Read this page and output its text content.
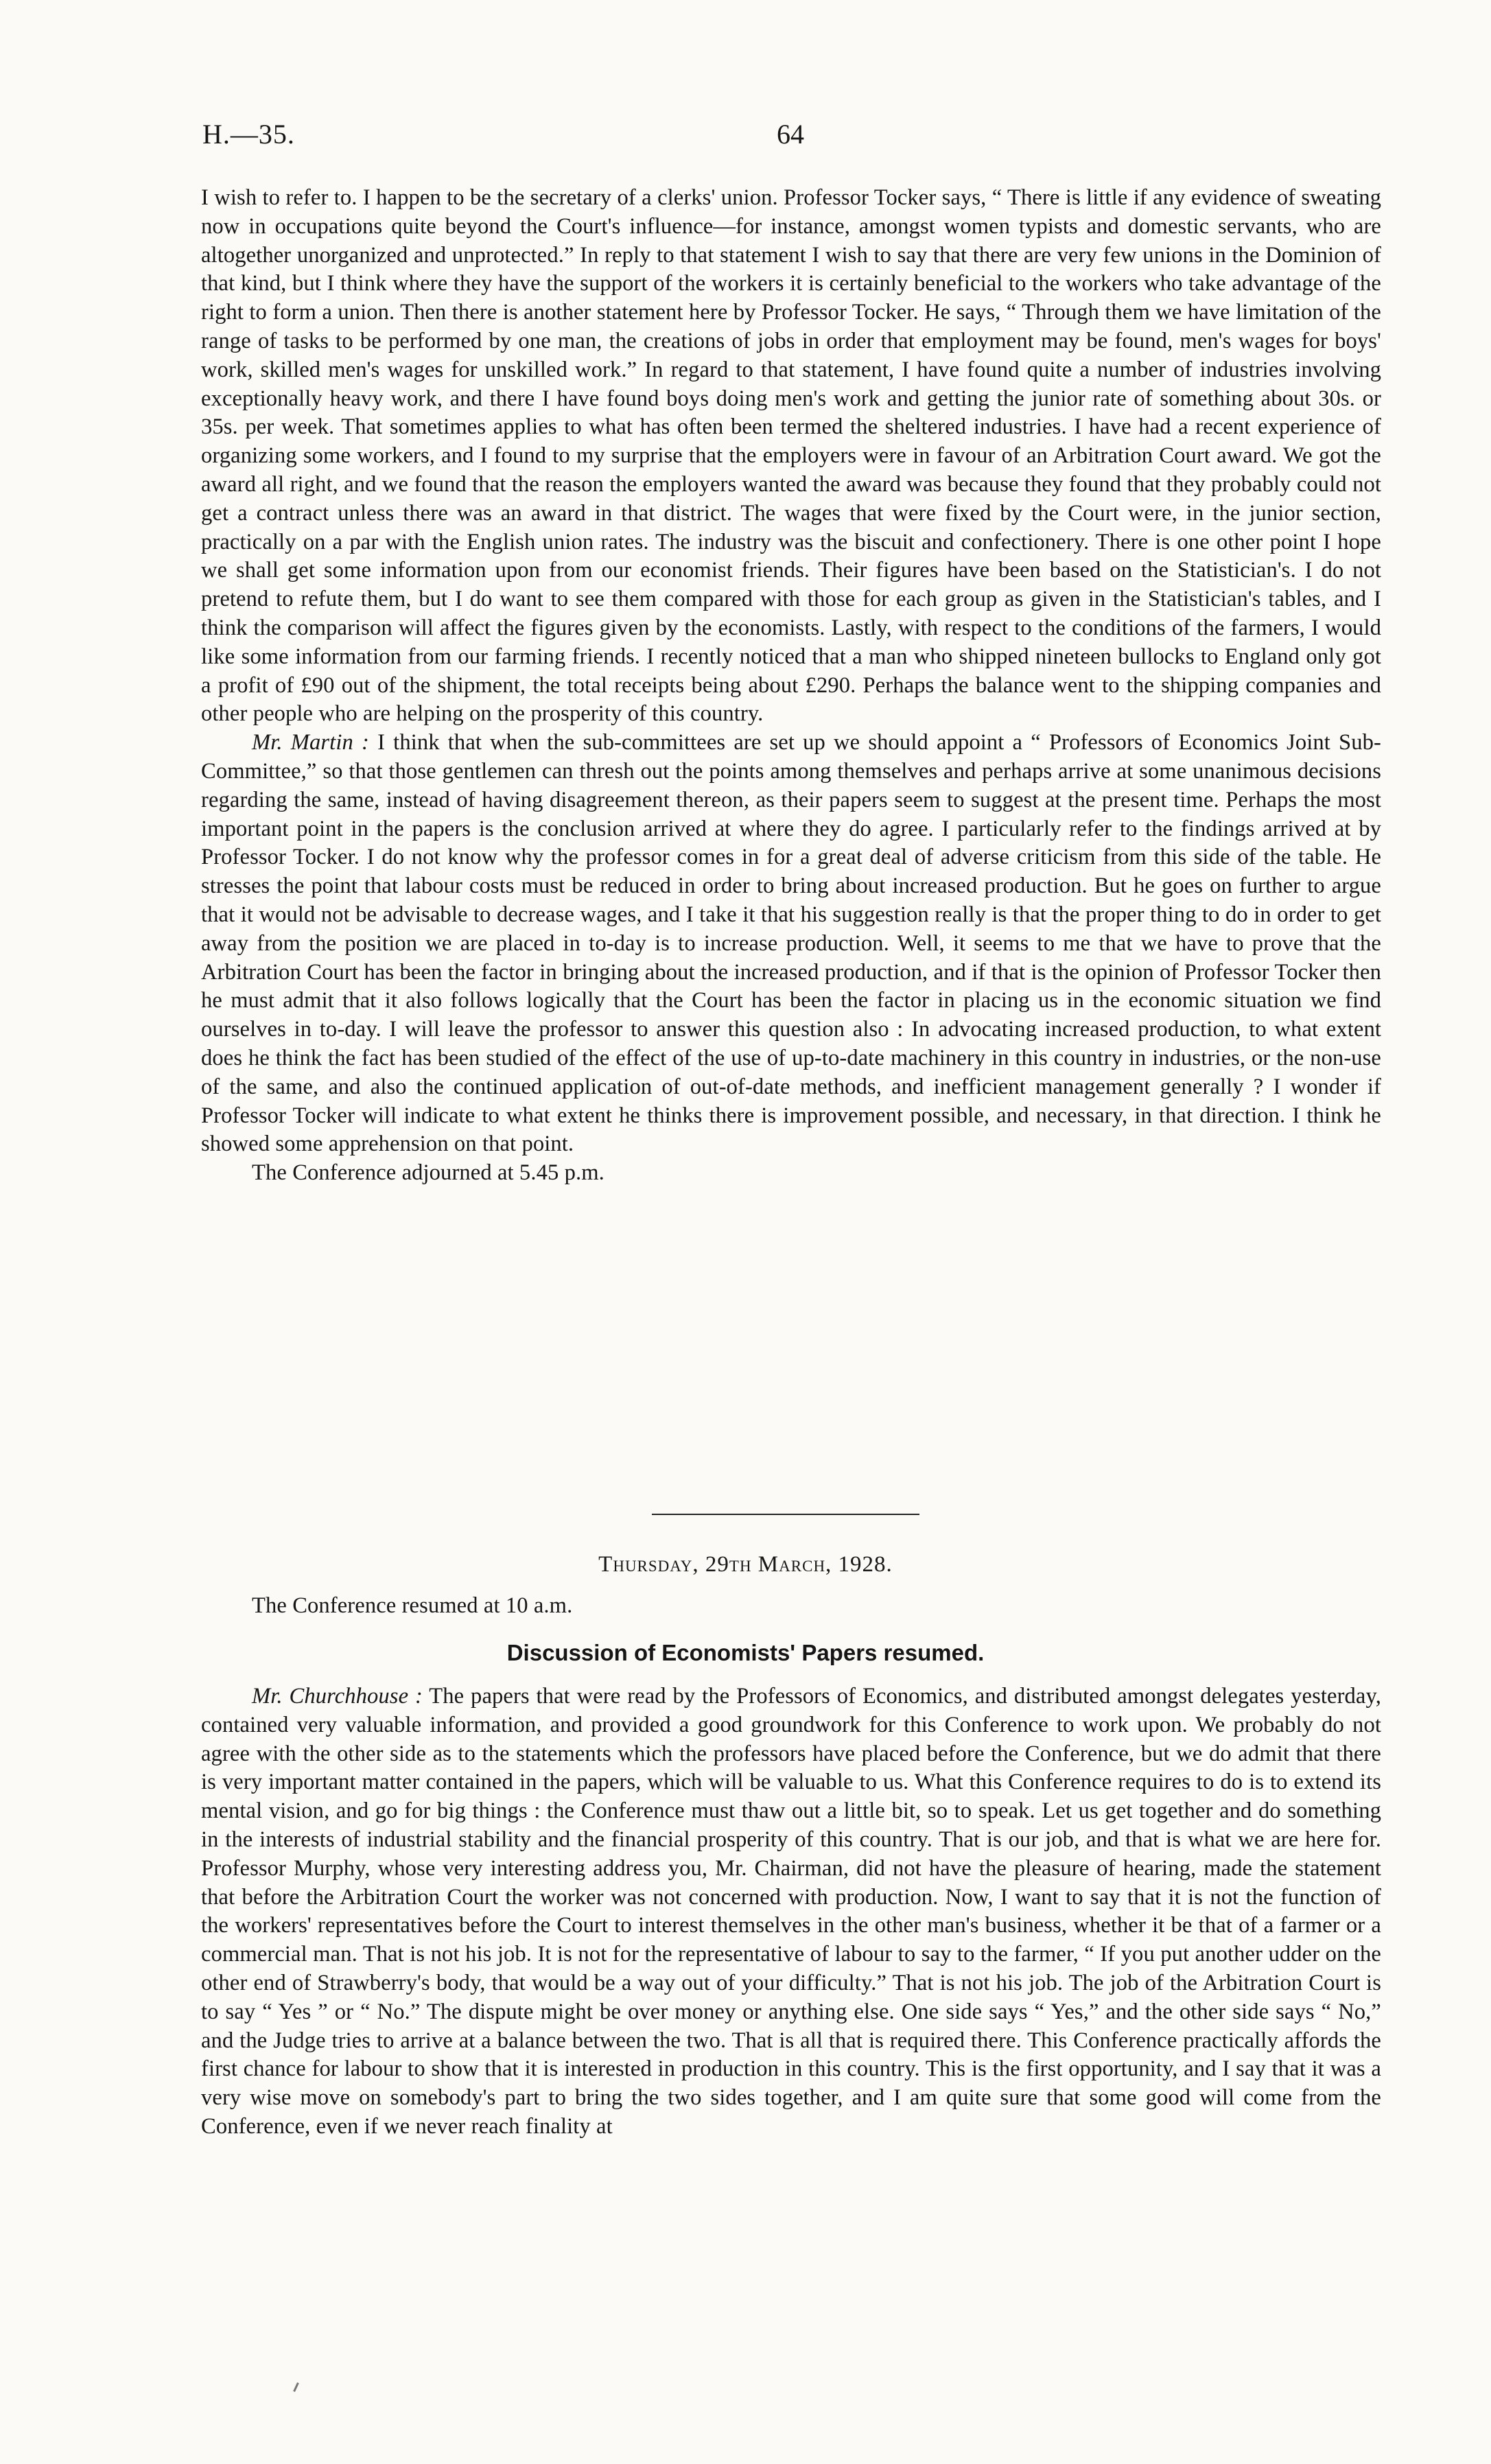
H.—35.	64

I wish to refer to. I happen to be the secretary of a clerks' union. Professor Tocker says, “ There is little if any evidence of sweating now in occupations quite beyond the Court's influence—for instance, amongst women typists and domestic servants, who are altogether unorganized and unprotected.” In reply to that statement I wish to say that there are very few unions in the Dominion of that kind, but I think where they have the support of the workers it is certainly beneficial to the workers who take advantage of the right to form a union. Then there is another statement here by Professor Tocker. He says, “ Through them we have limitation of the range of tasks to be performed by one man, the creations of jobs in order that employment may be found, men's wages for boys' work, skilled men's wages for unskilled work.” In regard to that statement, I have found quite a number of industries involving exceptionally heavy work, and there I have found boys doing men's work and getting the junior rate of something about 30s. or 35s. per week. That sometimes applies to what has often been termed the sheltered industries. I have had a recent experience of organizing some workers, and I found to my surprise that the employers were in favour of an Arbitration Court award. We got the award all right, and we found that the reason the employers wanted the award was because they found that they probably could not get a contract unless there was an award in that district. The wages that were fixed by the Court were, in the junior section, practically on a par with the English union rates. The industry was the biscuit and confectionery. There is one other point I hope we shall get some information upon from our economist friends. Their figures have been based on the Statistician's. I do not pretend to refute them, but I do want to see them compared with those for each group as given in the Statistician's tables, and I think the comparison will affect the figures given by the economists. Lastly, with respect to the conditions of the farmers, I would like some information from our farming friends. I recently noticed that a man who shipped nineteen bullocks to England only got a profit of £90 out of the shipment, the total receipts being about £290. Perhaps the balance went to the shipping companies and other people who are helping on the prosperity of this country.

Mr. Martin : I think that when the sub-committees are set up we should appoint a “ Professors of Economics Joint Sub-Committee,” so that those gentlemen can thresh out the points among themselves and perhaps arrive at some unanimous decisions regarding the same, instead of having disagreement thereon, as their papers seem to suggest at the present time. Perhaps the most important point in the papers is the conclusion arrived at where they do agree. I particularly refer to the findings arrived at by Professor Tocker. I do not know why the professor comes in for a great deal of adverse criticism from this side of the table. He stresses the point that labour costs must be reduced in order to bring about increased production. But he goes on further to argue that it would not be advisable to decrease wages, and I take it that his suggestion really is that the proper thing to do in order to get away from the position we are placed in to-day is to increase production. Well, it seems to me that we have to prove that the Arbitration Court has been the factor in bringing about the increased production, and if that is the opinion of Professor Tocker then he must admit that it also follows logically that the Court has been the factor in placing us in the economic situation we find ourselves in to-day. I will leave the professor to answer this question also : In advocating increased production, to what extent does he think the fact has been studied of the effect of the use of up-to-date machinery in this country in industries, or the non-use of the same, and also the continued application of out-of-date methods, and inefficient management generally ? I wonder if Professor Tocker will indicate to what extent he thinks there is improvement possible, and necessary, in that direction. I think he showed some apprehension on that point.

The Conference adjourned at 5.45 p.m.

Thursday, 29th March, 1928.

The Conference resumed at 10 a.m.

Discussion of Economists' Papers resumed.

Mr. Churchhouse : The papers that were read by the Professors of Economics, and distributed amongst delegates yesterday, contained very valuable information, and provided a good groundwork for this Conference to work upon. We probably do not agree with the other side as to the statements which the professors have placed before the Conference, but we do admit that there is very important matter contained in the papers, which will be valuable to us. What this Conference requires to do is to extend its mental vision, and go for big things : the Conference must thaw out a little bit, so to speak. Let us get together and do something in the interests of industrial stability and the financial prosperity of this country. That is our job, and that is what we are here for. Professor Murphy, whose very interesting address you, Mr. Chairman, did not have the pleasure of hearing, made the statement that before the Arbitration Court the worker was not concerned with production. Now, I want to say that it is not the function of the workers' representatives before the Court to interest themselves in the other man's business, whether it be that of a farmer or a commercial man. That is not his job. It is not for the representative of labour to say to the farmer, “ If you put another udder on the other end of Strawberry's body, that would be a way out of your difficulty.” That is not his job. The job of the Arbitration Court is to say “ Yes ” or “ No.” The dispute might be over money or anything else. One side says “ Yes,” and the other side says “ No,” and the Judge tries to arrive at a balance between the two. That is all that is required there. This Conference practically affords the first chance for labour to show that it is interested in production in this country. This is the first opportunity, and I say that it was a very wise move on somebody's part to bring the two sides together, and I am quite sure that some good will come from the Conference, even if we never reach finality at
